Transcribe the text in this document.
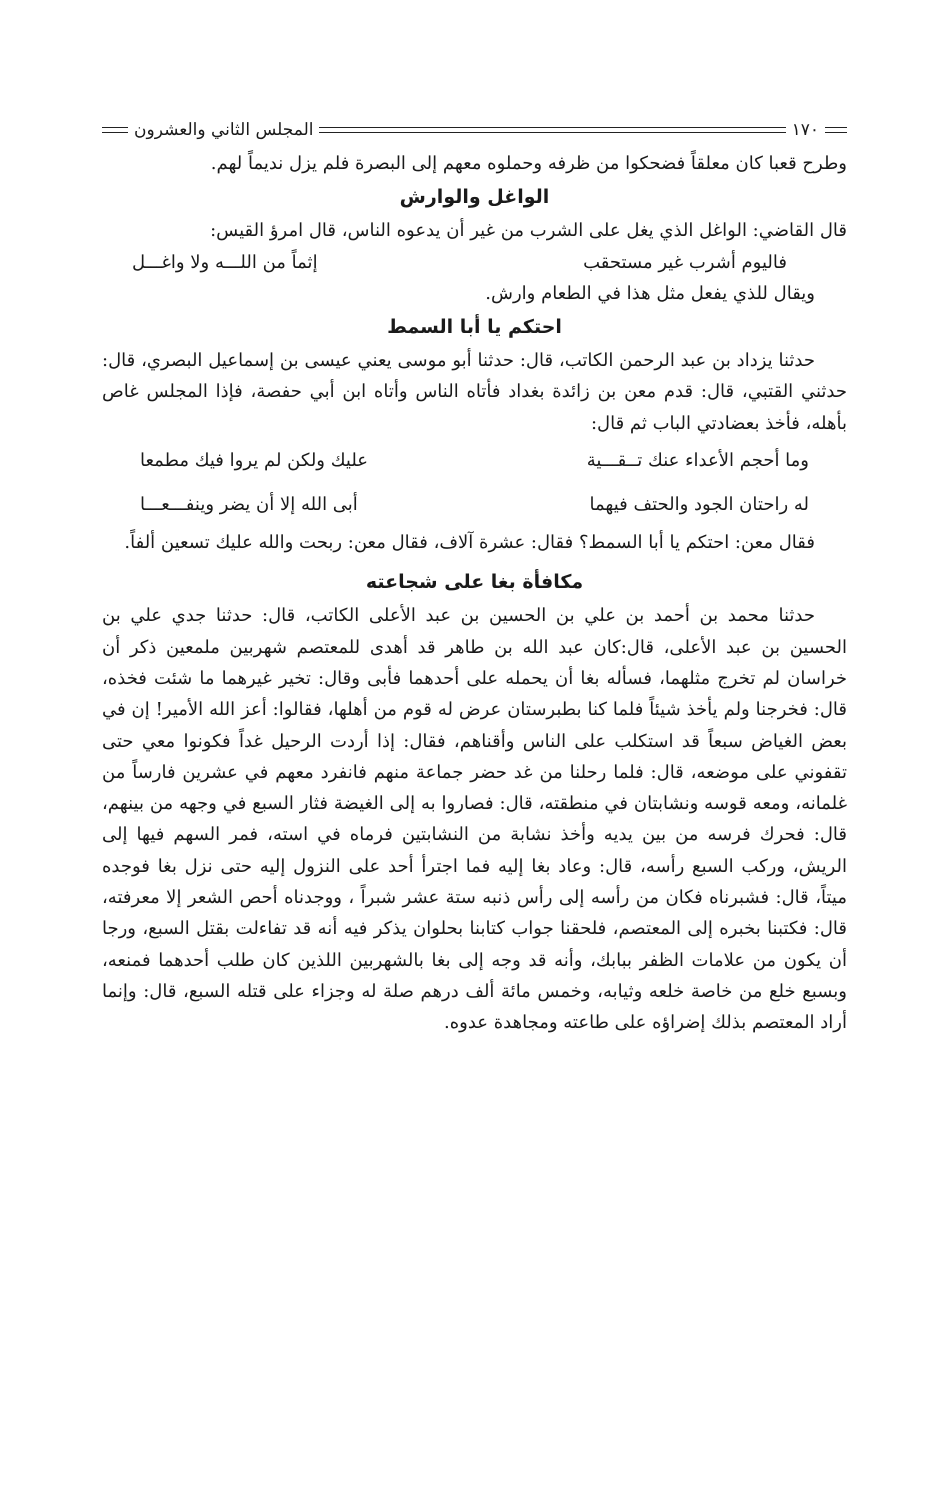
١٧٠
المجلس الثاني والعشرون

وطرح قعبا كان معلقاً فضحكوا من ظرفه وحملوه معهم إلى البصرة فلم يزل نديماً لهم.

الواغل والوارش

قال القاضي: الواغل الذي يغل على الشرب من غير أن يدعوه الناس، قال امرؤ القيس:

فاليوم أشرب غير مستحقب
إثماً من اللـــه ولا واغـــل

ويقال للذي يفعل مثل هذا في الطعام وارش.

احتكم يا أبا السمط

حدثنا يزداد بن عبد الرحمن الكاتب، قال: حدثنا أبو موسى يعني عيسى بن إسماعيل البصري، قال: حدثني القتبي، قال: قدم معن بن زائدة بغداد فأتاه الناس وأتاه ابن أبي حفصة، فإذا المجلس غاص بأهله، فأخذ بعضادتي الباب ثم قال:

وما أحجم الأعداء عنك تــقـــية
عليك ولكن لم يروا فيك مطمعا
له راحتان الجود والحتف فيهما
أبى الله إلا أن يضر وينفـــعـــا

فقال معن: احتكم يا أبا السمط؟ فقال: عشرة آلاف، فقال معن: ربحت والله عليك تسعين ألفاً.

مكافأة بغا على شجاعته

حدثنا محمد بن أحمد بن علي بن الحسين بن عبد الأعلى الكاتب، قال: حدثنا جدي علي بن الحسين بن عبد الأعلى، قال:كان عبد الله بن طاهر قد أهدى للمعتصم شهربين ملمعين ذكر أن خراسان لم تخرج مثلهما، فسأله بغا أن يحمله على أحدهما فأبى وقال: تخير غيرهما ما شئت فخذه، قال: فخرجنا ولم يأخذ شيئاً فلما كنا بطبرستان عرض له قوم من أهلها، فقالوا: أعز الله الأمير! إن في بعض الغياض سبعاً قد استكلب على الناس وأقناهم، فقال: إذا أردت الرحيل غداً فكونوا معي حتى تقفوني على موضعه، قال: فلما رحلنا من غد حضر جماعة منهم فانفرد معهم في عشرين فارساً من غلمانه، ومعه قوسه ونشابتان في منطقته، قال: فصاروا به إلى الغيضة فثار السبع في وجهه من بينهم، قال: فحرك فرسه من بين يديه وأخذ نشابة من النشابتين فرماه في استه، فمر السهم فيها إلى الريش، وركب السبع رأسه، قال: وعاد بغا إليه فما اجترأ أحد على النزول إليه حتى نزل بغا فوجده ميتاً، قال: فشبرناه فكان من رأسه إلى رأس ذنبه ستة عشر شبراً ، ووجدناه أحص الشعر إلا معرفته، قال: فكتبنا بخبره إلى المعتصم، فلحقنا جواب كتابنا بحلوان يذكر فيه أنه قد تفاءلت بقتل السبع، ورجا أن يكون من علامات الظفر ببابك، وأنه قد وجه إلى بغا بالشهربين اللذين كان طلب أحدهما فمنعه، وبسبع خلع من خاصة خلعه وثيابه، وخمس مائة ألف درهم صلة له وجزاء على قتله السبع، قال: وإنما أراد المعتصم بذلك إضراؤه على طاعته ومجاهدة عدوه.
